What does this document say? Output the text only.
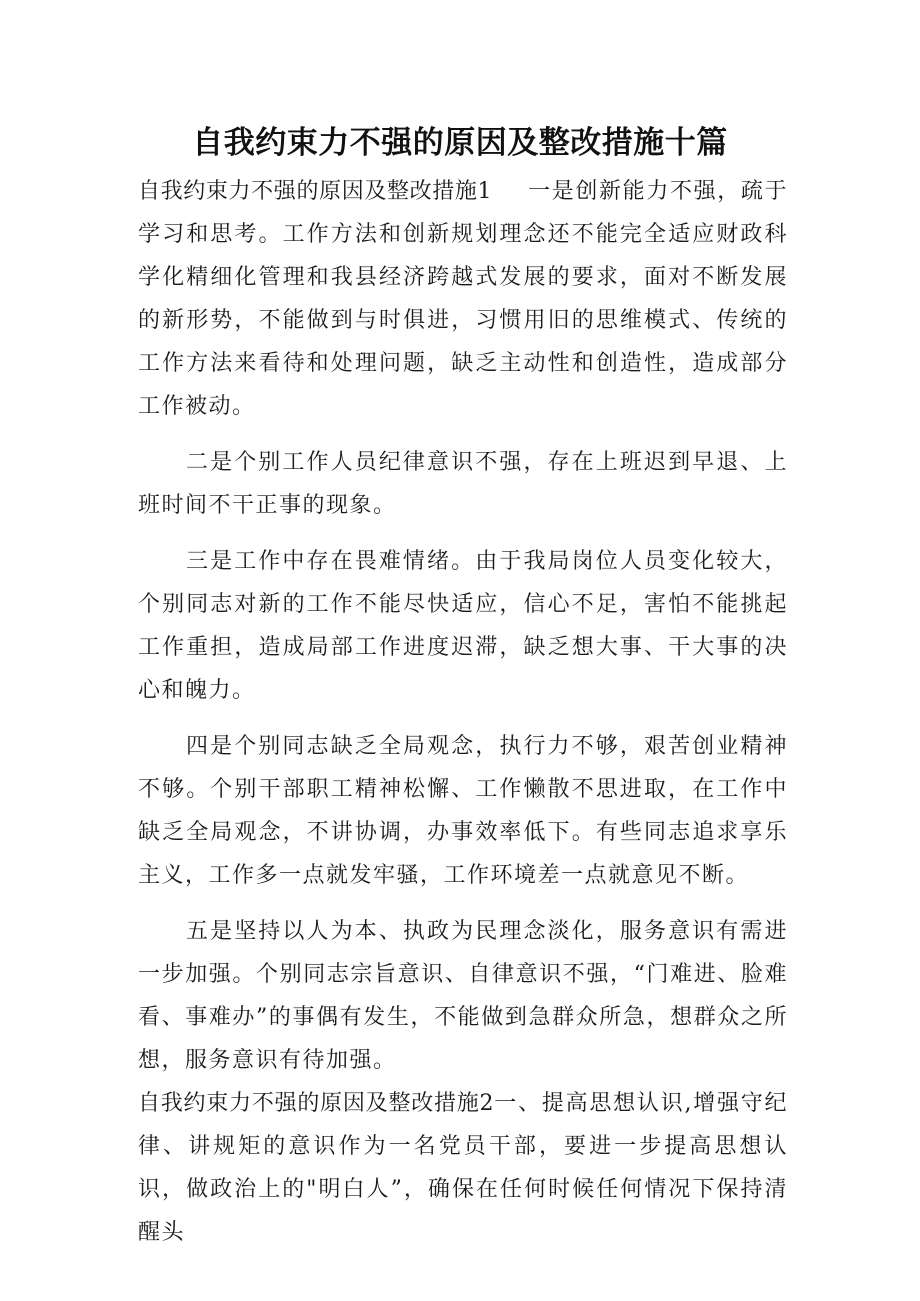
自我约束力不强的原因及整改措施十篇

自我约束力不强的原因及整改措施1 一是创新能力不强，疏于学习和思考。工作方法和创新规划理念还不能完全适应财政科学化精细化管理和我县经济跨越式发展的要求，面对不断发展的新形势，不能做到与时俱进，习惯用旧的思维模式、传统的工作方法来看待和处理问题，缺乏主动性和创造性，造成部分工作被动。

二是个别工作人员纪律意识不强，存在上班迟到早退、上班时间不干正事的现象。

三是工作中存在畏难情绪。由于我局岗位人员变化较大，个别同志对新的工作不能尽快适应，信心不足，害怕不能挑起工作重担，造成局部工作进度迟滞，缺乏想大事、干大事的决心和魄力。

四是个别同志缺乏全局观念，执行力不够，艰苦创业精神不够。个别干部职工精神松懈、工作懒散不思进取，在工作中缺乏全局观念，不讲协调，办事效率低下。有些同志追求享乐主义，工作多一点就发牢骚，工作环境差一点就意见不断。

五是坚持以人为本、执政为民理念淡化，服务意识有需进一步加强。个别同志宗旨意识、自律意识不强，“门难进、脸难看、事难办”的事偶有发生，不能做到急群众所急，想群众之所想，服务意识有待加强。

自我约束力不强的原因及整改措施2一、提高思想认识,增强守纪律、讲规矩的意识作为一名党员干部，要进一步提高思想认识，做政治上的"明白人”，确保在任何时候任何情况下保持清醒头
